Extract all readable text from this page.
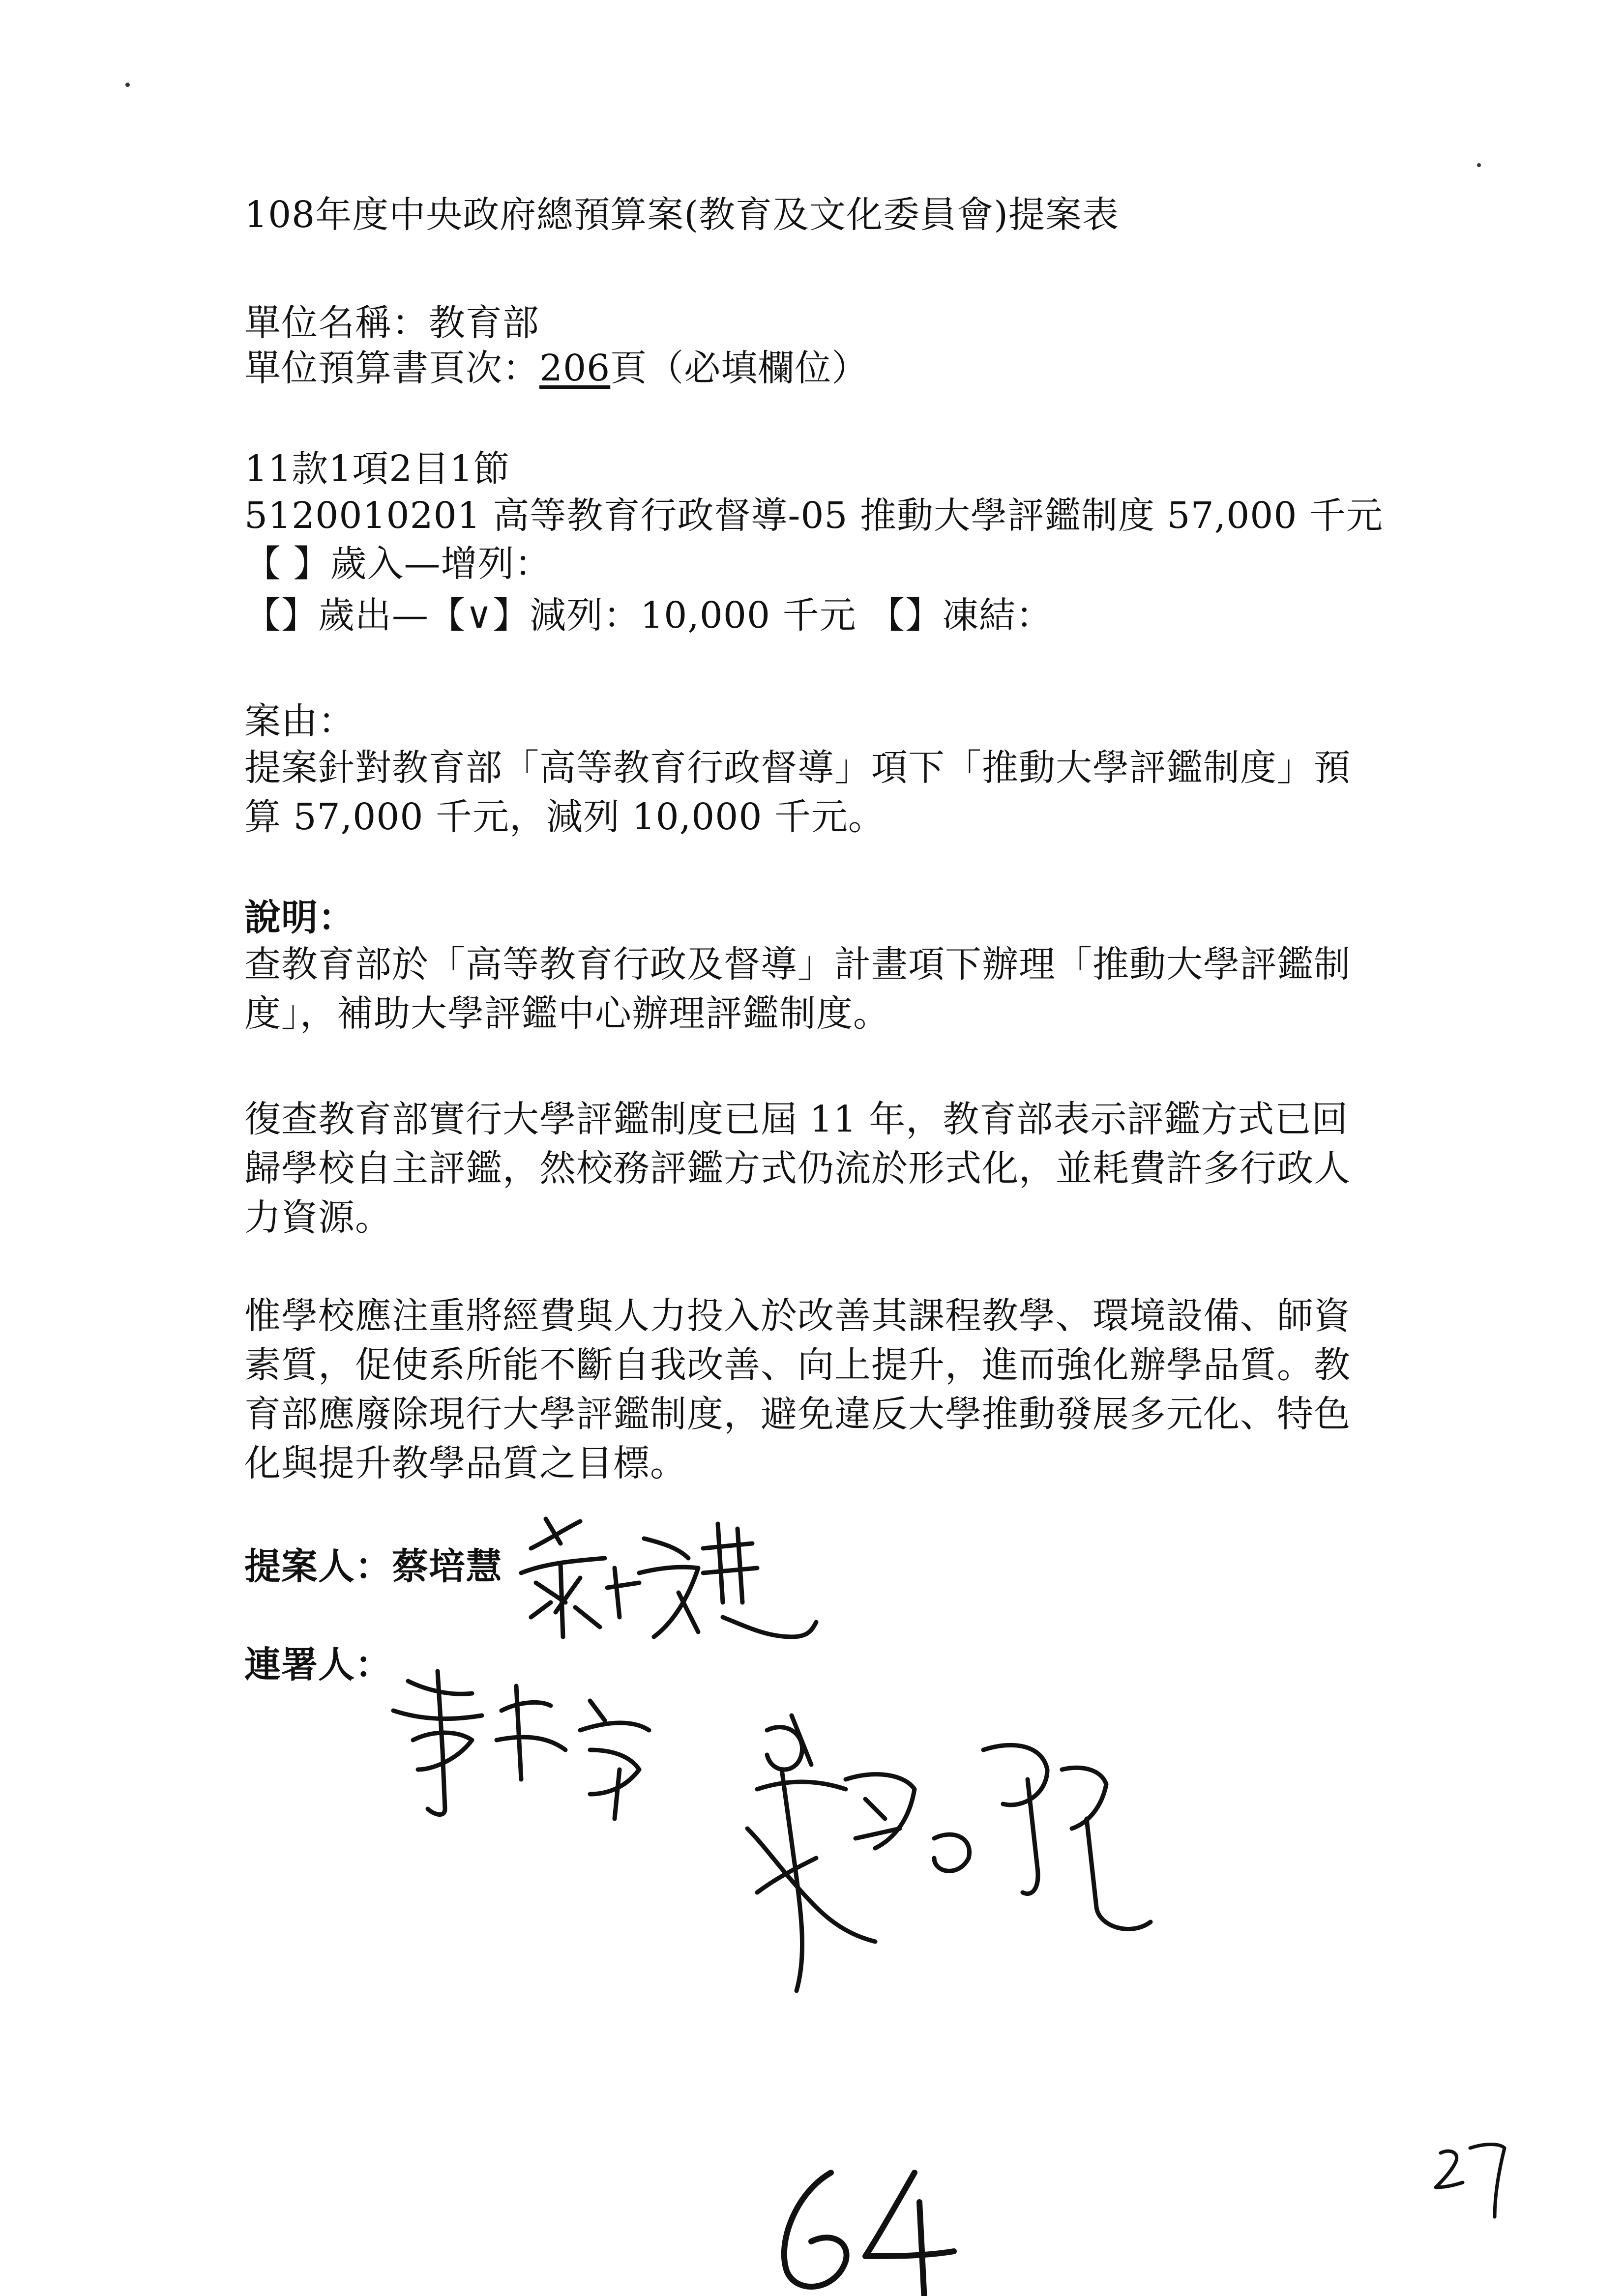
108年度中央政府總預算案(教育及文化委員會)提案表
單位名稱：教育部
單位預算書頁次：206頁（必填欄位）
11款1項2目1節
5120010201 高等教育行政督導-05 推動大學評鑑制度 57,000 千元
【 】歲入—增列：
【】歲出—【∨】減列：10,000 千元 【】凍結：
案由：
提案針對教育部「高等教育行政督導」項下「推動大學評鑑制度」預
算 57,000 千元，減列 10,000 千元。
說明：
查教育部於「高等教育行政及督導」計畫項下辦理「推動大學評鑑制
度」，補助大學評鑑中心辦理評鑑制度。
復查教育部實行大學評鑑制度已屆 11 年，教育部表示評鑑方式已回
歸學校自主評鑑，然校務評鑑方式仍流於形式化，並耗費許多行政人
力資源。
惟學校應注重將經費與人力投入於改善其課程教學、環境設備、師資
素質，促使系所能不斷自我改善、向上提升，進而強化辦學品質。教
育部應廢除現行大學評鑑制度，避免違反大學推動發展多元化、特色
化與提升教學品質之目標。
提案人：蔡培慧
連署人：
